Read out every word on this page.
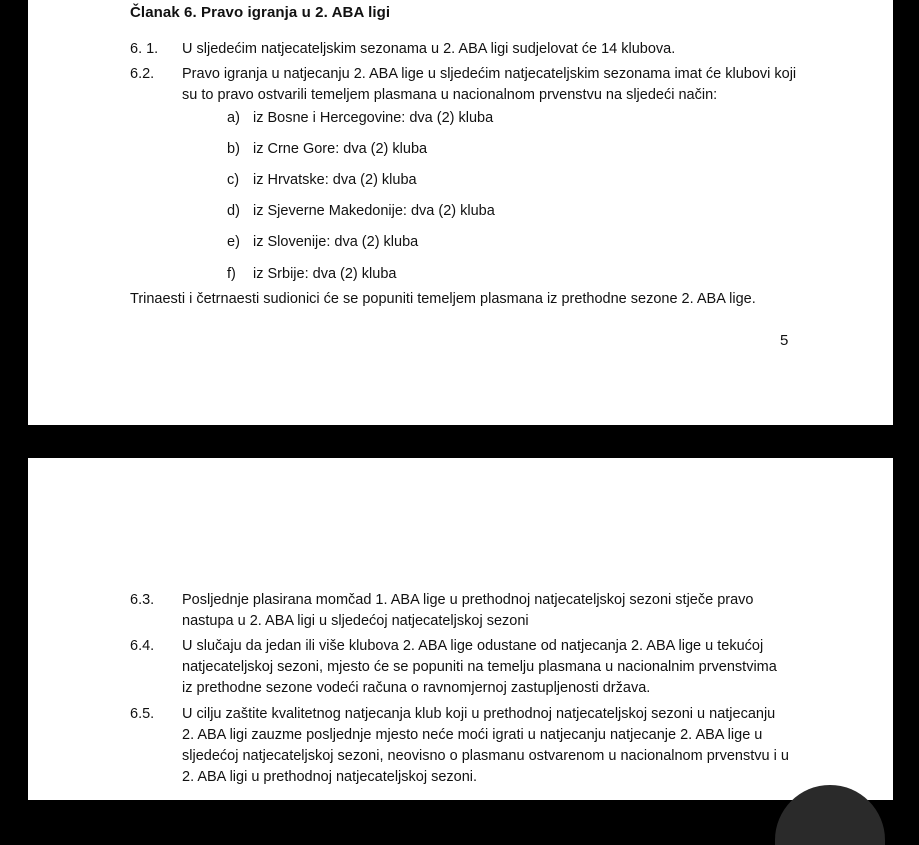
Članak 6. Pravo igranja u 2. ABA ligi
6. 1. U sljedećim natjecateljskim sezonama u 2. ABA ligi sudjelovat će 14 klubova.
6.2. Pravo igranja u natjecanju 2. ABA lige u sljedećim natjecateljskim sezonama imat će klubovi koji
su to pravo ostvarili temeljem plasmana u nacionalnom prvenstvu na sljedeći način:
a) iz Bosne i Hercegovine: dva (2) kluba
b) iz Crne Gore: dva (2) kluba
c) iz Hrvatske: dva (2) kluba
d) iz Sjeverne Makedonije: dva (2) kluba
e) iz Slovenije: dva (2) kluba
f) iz Srbije: dva (2) kluba
Trinaesti i četrnaesti sudionici će se popuniti temeljem plasmana iz prethodne sezone 2. ABA lige.
5
6.3. Posljednje plasirana momčad 1. ABA lige u prethodnoj natjecateljskoj sezoni stječe pravo
nastupa u 2. ABA ligi u sljedećoj natjecateljskoj sezoni
6.4. U slučaju da jedan ili više klubova 2. ABA lige odustane od natjecanja 2. ABA lige u tekućoj
natjecateljskoj sezoni, mjesto će se popuniti na temelju plasmana u nacionalnim prvenstvima
iz prethodne sezone vodeći računa o ravnomjernoj zastupljenosti država.
6.5. U cilju zaštite kvalitetnog natjecanja klub koji u prethodnoj natjecateljskoj sezoni u natjecanju
2. ABA ligi zauzme posljednje mjesto neće moći igrati u natjecanju natjecanje 2. ABA lige u
sljedećoj natjecateljskoj sezoni, neovisno o plasmanu ostvarenom u nacionalnom prvenstvu i u
2. ABA ligi u prethodnoj natjecateljskoj sezoni.
